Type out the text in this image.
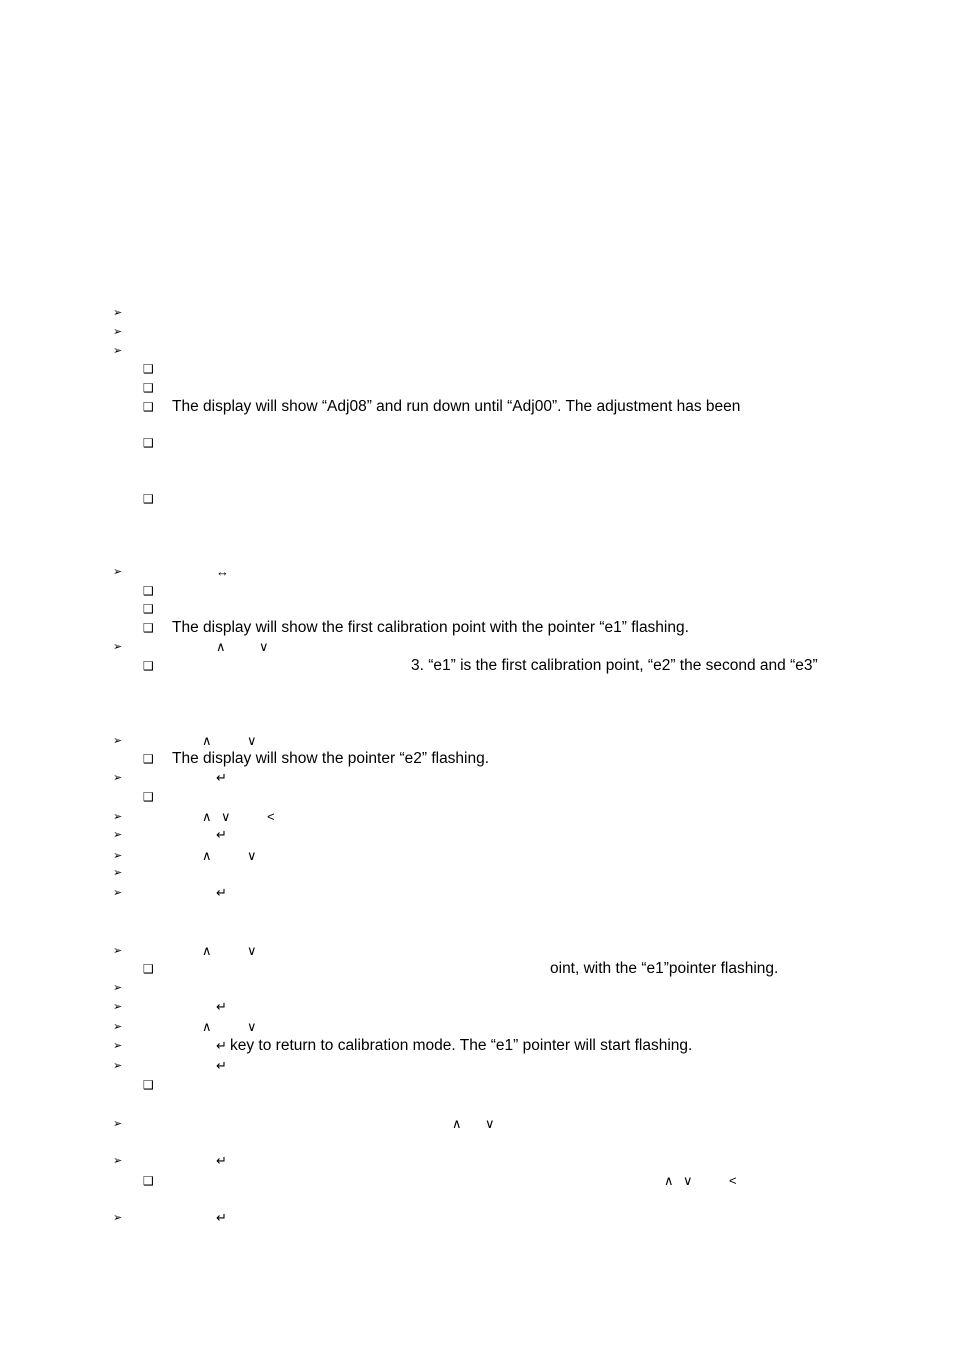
➢
➢
➢
❑
❑
❑ The display will show “Adj08” and run down until “Adj00”. The adjustment has been
❑
❑
➢	↔
❑
❑
❑ The display will show the first calibration point with the pointer “e1” flashing.
➢	∧	∨
❑	3. “e1” is the first calibration point, “e2” the second and “e3”
➢	∧	∨
❑ The display will show the pointer “e2” flashing.
➢	↵
❑
➢	∧ ∨	<
➢	↵
➢	∧	∨
➢
➢	↵
➢	∧	∨
❑	oint, with the “e1”pointer flashing.
➢
➢	↵
➢	∧	∨
➢	↵ key to return to calibration mode. The “e1” pointer will start flashing.
➢	↵
❑
➢	∧ ∨
➢	↵
❑	∧ ∨	<
➢	↵
